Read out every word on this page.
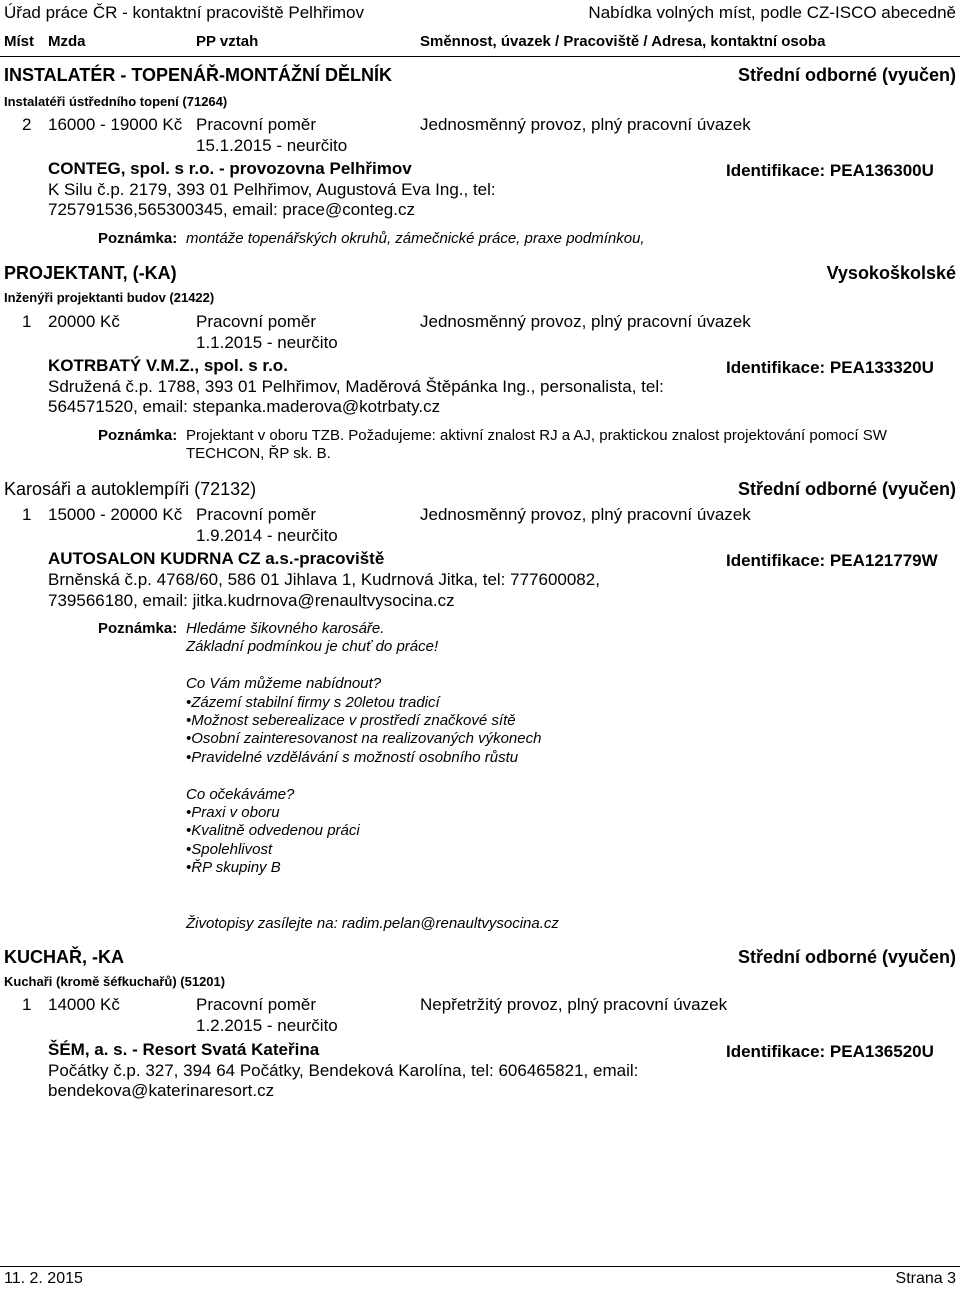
Úřad práce ČR - kontaktní pracoviště Pelhřimov	Nabídka volných míst, podle CZ-ISCO abecedně
Míst Mzda	PP vztah	Směnnost, úvazek / Pracoviště / Adresa, kontaktní osoba
INSTALATÉR - TOPENÁŘ-MONTÁŽNÍ DĚLNÍK	Střední odborné (vyučen)
Instalatéři ústředního topení (71264)
2 16000 - 19000 Kč Pracovní poměr	Jednosměnný provoz, plný pracovní úvazek
15.1.2015 - neurčito
CONTEG, spol. s r.o. - provozovna Pelhřimov	Identifikace: PEA136300U
K Silu č.p. 2179, 393 01 Pelhřimov, Augustová Eva Ing., tel:
725791536,565300345, email: prace@conteg.cz
Poznámka: montáže topenářských okruhů, zámečnické práce, praxe podmínkou,
PROJEKTANT, (-KA)	Vysokoškolské
Inženýři projektanti budov (21422)
1 20000 Kč	Pracovní poměr	Jednosměnný provoz, plný pracovní úvazek
1.1.2015 - neurčito
KOTRBATÝ V.M.Z., spol. s r.o.	Identifikace: PEA133320U
Sdružená č.p. 1788, 393 01 Pelhřimov, Maděrová Štěpánka Ing., personalista, tel:
564571520, email: stepanka.maderova@kotrbaty.cz
Poznámka: Projektant v oboru TZB. Požadujeme: aktivní znalost RJ a AJ, praktickou znalost projektování pomocí SW
TECHCON, ŘP sk. B.
Karosáři a autoklempíři (72132)	Střední odborné (vyučen)
1 15000 - 20000 Kč Pracovní poměr	Jednosměnný provoz, plný pracovní úvazek
1.9.2014 - neurčito
AUTOSALON KUDRNA CZ a.s.-pracoviště	Identifikace: PEA121779W
Brněnská č.p. 4768/60, 586 01 Jihlava 1, Kudrnová Jitka, tel: 777600082,
739566180, email: jitka.kudrnova@renaultvysocina.cz
Poznámka: Hledáme šikovného karosáře.
Základní podmínkou je chuť do práce!

Co Vám můžeme nabídnout?
•Zázemí stabilní firmy s 20letou tradicí
•Možnost seberealizace v prostředí značkové sítě
•Osobní zainteresovanost na realizovaných výkonech
•Pravidelné vzdělávání s možností osobního růstu

Co očekáváme?
•Praxi v oboru
•Kvalitně odvedenou práci
•Spolehlivost
•ŘP skupiny B

Životopisy zasílejte na: radim.pelan@renaultvysocina.cz
KUCHAŘ, -KA	Střední odborné (vyučen)
Kuchaři (kromě šéfkuchařů) (51201)
1 14000 Kč	Pracovní poměr	Nepřetržitý provoz, plný pracovní úvazek
1.2.2015 - neurčito
ŠÉM, a. s. - Resort Svatá Kateřina	Identifikace: PEA136520U
Počátky č.p. 327, 394 64 Počátky, Bendeková Karolína, tel: 606465821, email:
bendekova@katerinaresort.cz
11. 2. 2015	Strana 3
